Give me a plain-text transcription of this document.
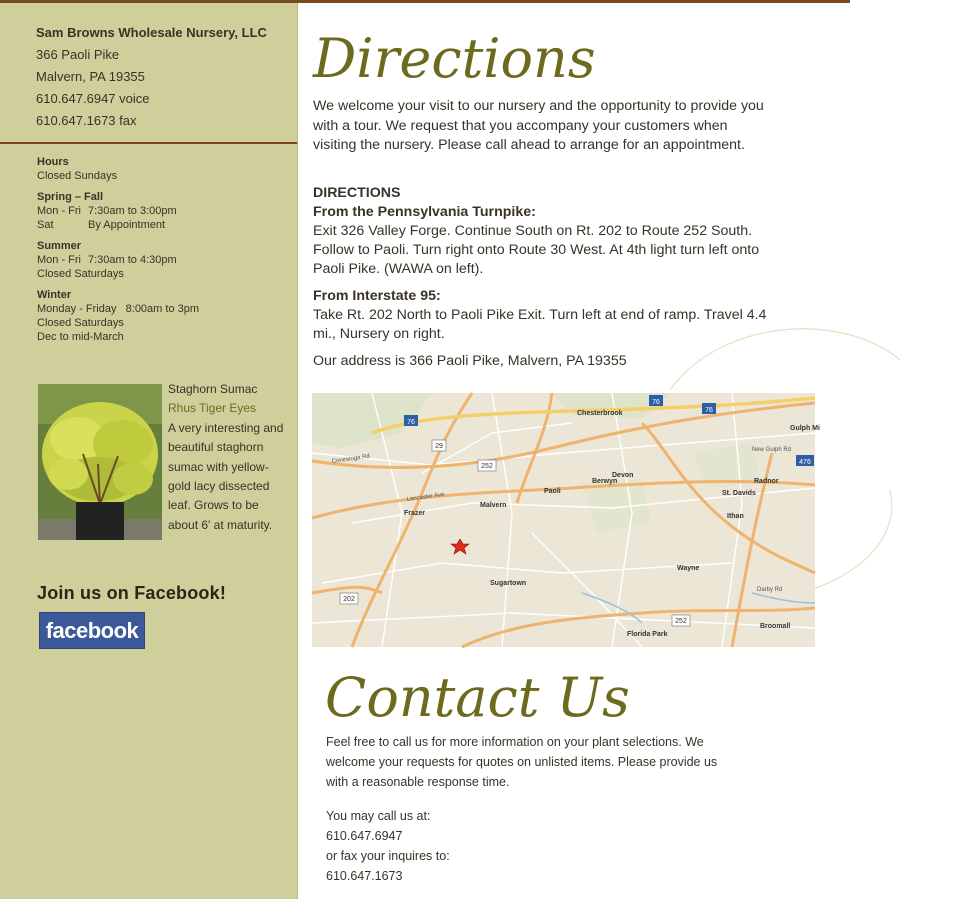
Sam Browns Wholesale Nursery, LLC
366 Paoli Pike
Malvern, PA 19355
610.647.6947 voice
610.647.1673 fax
Hours
Closed Sundays
Spring – Fall
Mon - Fri 7:30am to 3:00pm
Sat	By Appointment
Summer
Mon - Fri 7:30am to 4:30pm
Closed Saturdays
Winter
Monday - Friday   8:00am to 3pm
Closed Saturdays
Dec to mid-March
Staghorn Sumac
Rhus Tiger Eyes
A very interesting and beautiful staghorn sumac with yellow- gold lacy dissected leaf. Grows to be about 6' at maturity.
Join us on Facebook!
facebook
Directions
We welcome your visit to our nursery and the opportunity to provide you with a tour. We request that you accompany your customers when visiting the nursery. Please call ahead to arrange for an appointment.
DIRECTIONS
From the Pennsylvania Turnpike:

Exit 326 Valley Forge. Continue South on Rt. 202 to Route 252 South. Follow to Paoli. Turn right onto Route 30 West. At 4th light turn left onto Paoli Pike. (WAWA on left).

From Interstate 95:

Take Rt. 202 North to Paoli Pike Exit. Turn left at end of ramp. Travel 4.4 mi., Nursery on right.

Our address is 366 Paoli Pike, Malvern, PA 19355

76
76
76
476
29
252
252
202
Chesterbrook
Paoli
Malvern
Berwyn
Devon
Radnor
St. Davids
Wayne
Frazer
Sugartown
Broomall
Florida Park
Gulph Mi
Ithan
New Gulph Rd
Darby Rd
Conestoga Rd
Lancaster Ave
Contact Us

Feel free to call us for more information on your plant selections. We welcome your requests for quotes on unlisted items. Please provide us with a reasonable response time.

You may call us at:
610.647.6947
or fax your inquires to:
610.647.1673
